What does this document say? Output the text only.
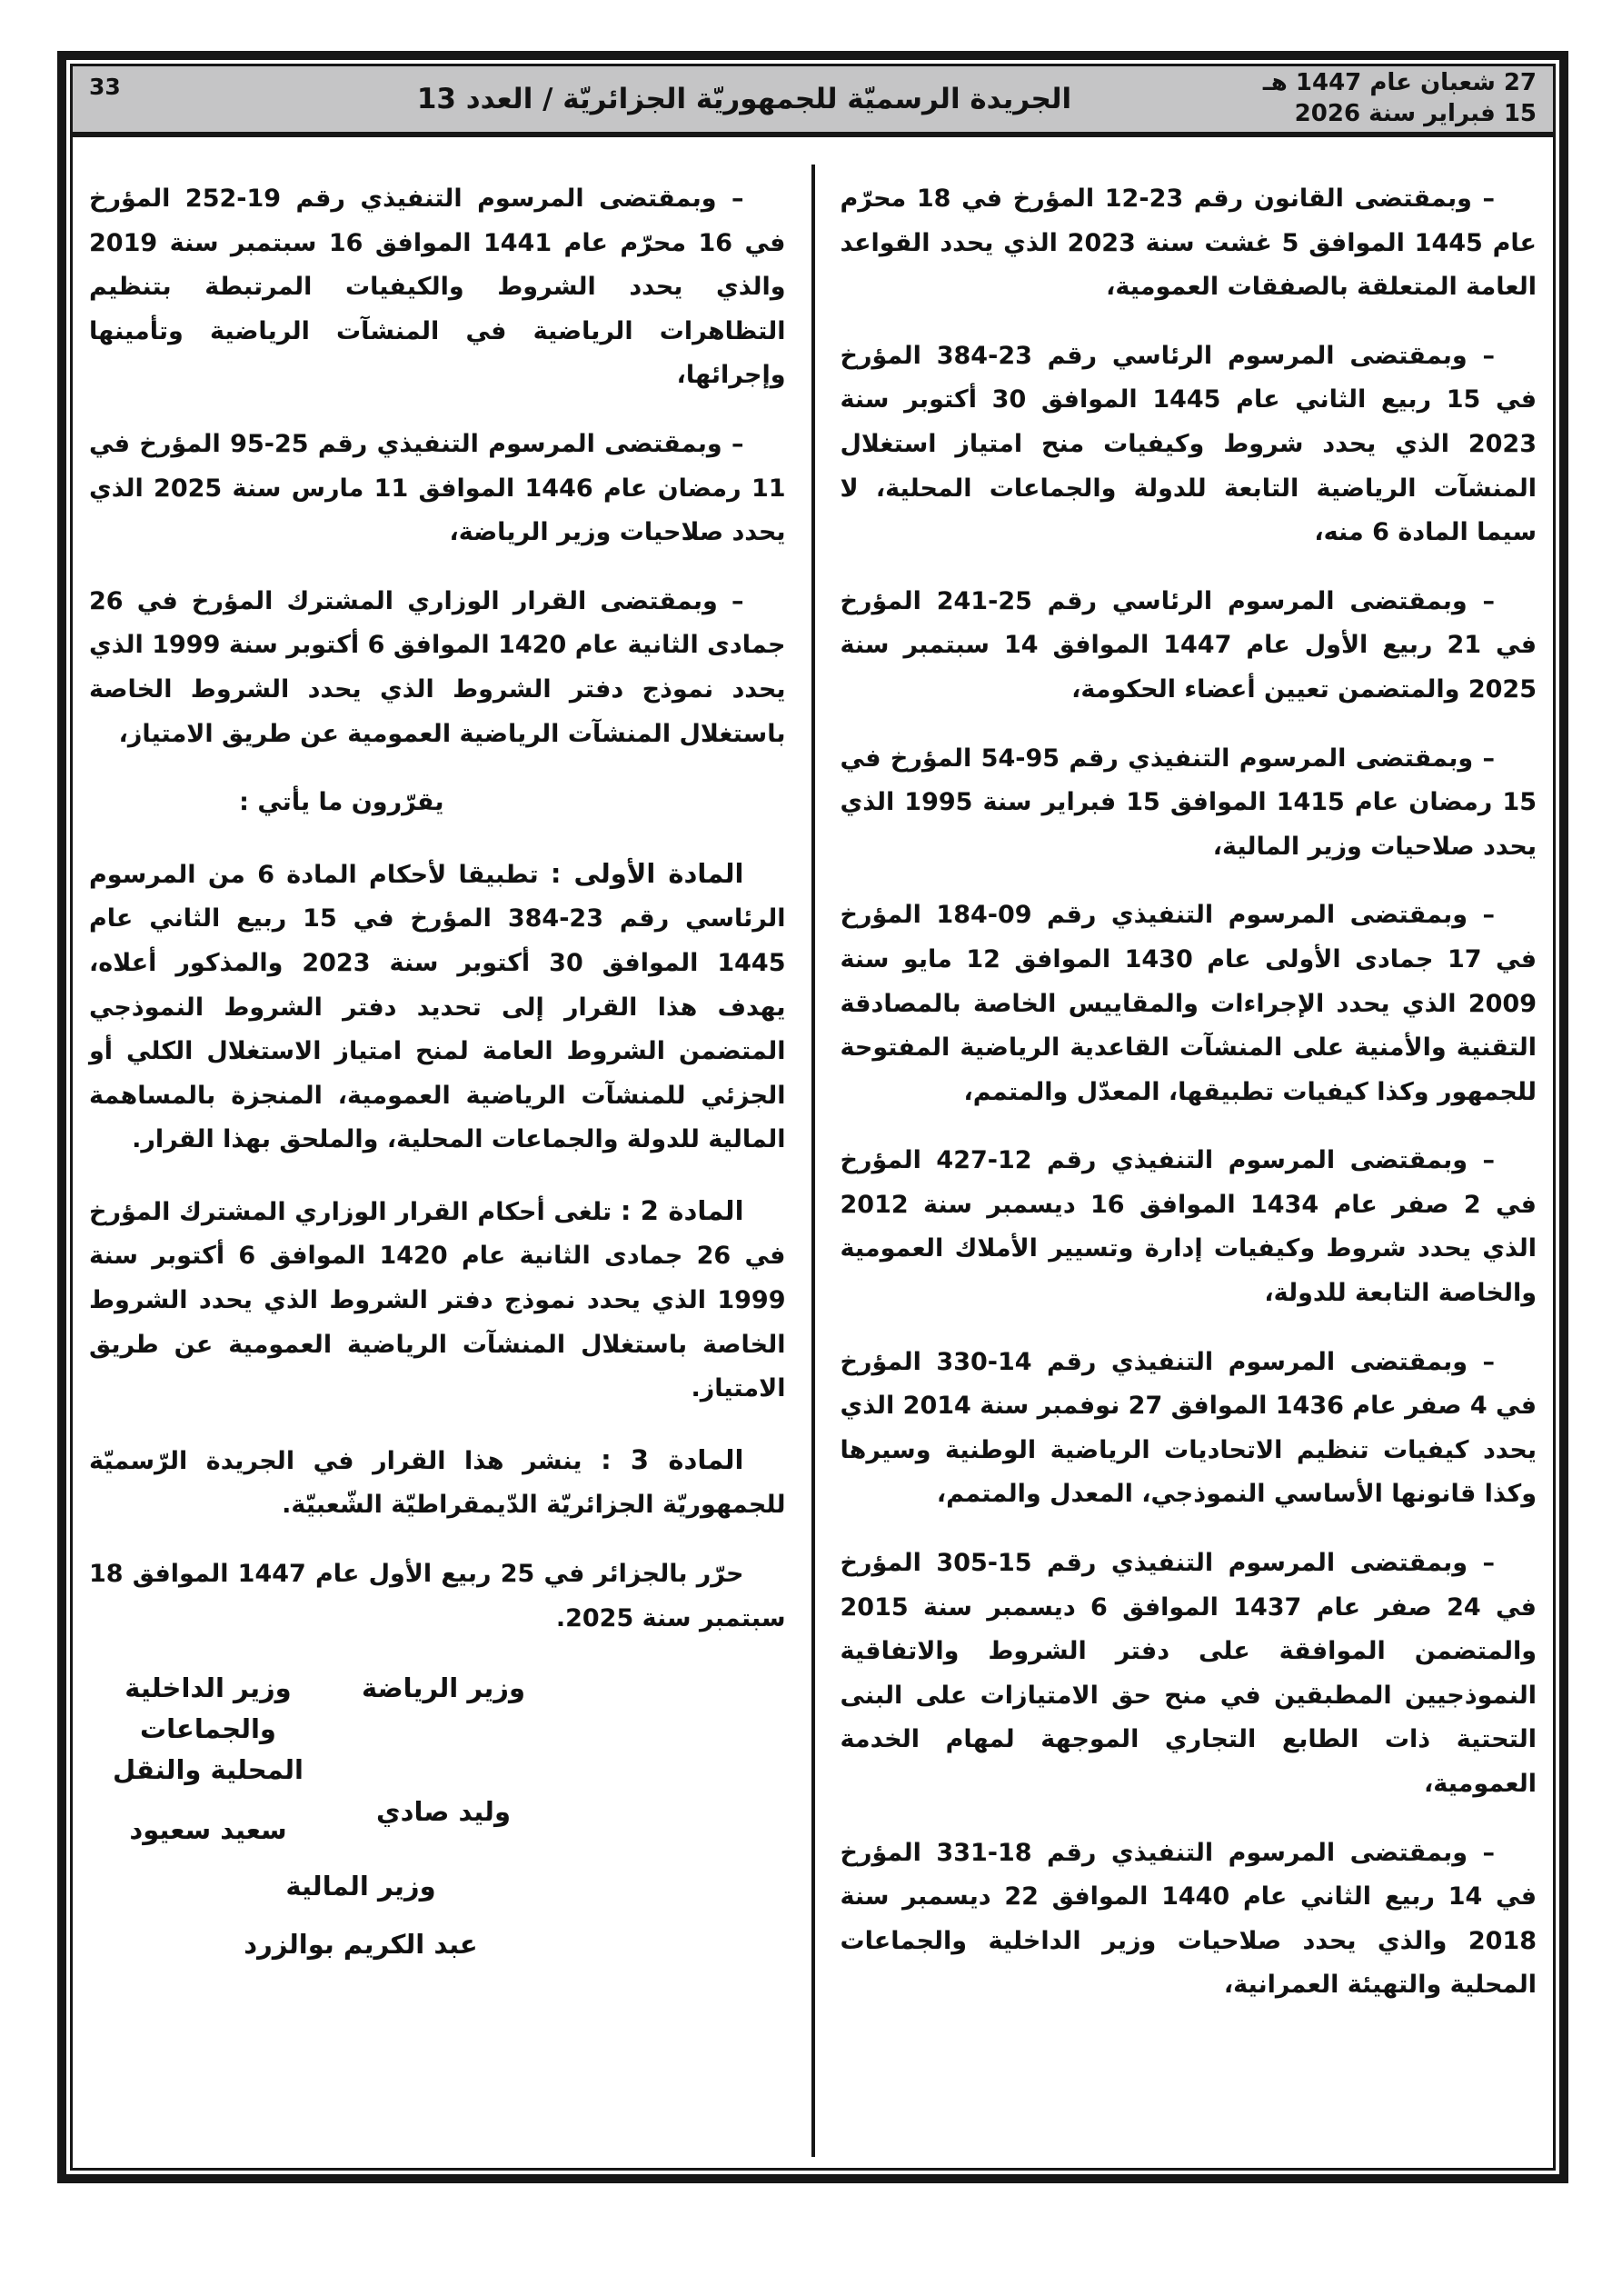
27 شعبان عام 1447 هـ
15 فبراير سنة 2026
الجريدة الرسميّة للجمهوريّة الجزائريّة / العدد 13
33

– وبمقتضى القانون رقم 23‏-12 المؤرخ في 18 محرّم عام 1445 الموافق 5 غشت سنة 2023 الذي يحدد القواعد العامة المتعلقة بالصفقات العمومية،

– وبمقتضى المرسوم الرئاسي رقم 23‏-384 المؤرخ في 15 ربيع الثاني عام 1445 الموافق 30 أكتوبر سنة 2023 الذي يحدد شروط وكيفيات منح امتياز استغلال المنشآت الرياضية التابعة للدولة والجماعات المحلية، لا سيما المادة 6 منه،

– وبمقتضى المرسوم الرئاسي رقم 25‏-241 المؤرخ في 21 ربيع الأول عام 1447 الموافق 14 سبتمبر سنة 2025 والمتضمن تعيين أعضاء الحكومة،

– وبمقتضى المرسوم التنفيذي رقم 95‏-54 المؤرخ في 15 رمضان عام 1415 الموافق 15 فبراير سنة 1995 الذي يحدد صلاحيات وزير المالية،

– وبمقتضى المرسوم التنفيذي رقم 09‏-184 المؤرخ في 17 جمادى الأولى عام 1430 الموافق 12 مايو سنة 2009 الذي يحدد الإجراءات والمقاييس الخاصة بالمصادقة التقنية والأمنية على المنشآت القاعدية الرياضية المفتوحة للجمهور وكذا كيفيات تطبيقها، المعدّل والمتمم،

– وبمقتضى المرسوم التنفيذي رقم 12‏-427 المؤرخ في 2 صفر عام 1434 الموافق 16 ديسمبر سنة 2012 الذي يحدد شروط وكيفيات إدارة وتسيير الأملاك العمومية والخاصة التابعة للدولة،

– وبمقتضى المرسوم التنفيذي رقم 14‏-330 المؤرخ في 4 صفر عام 1436 الموافق 27 نوفمبر سنة 2014 الذي يحدد كيفيات تنظيم الاتحاديات الرياضية الوطنية وسيرها وكذا قانونها الأساسي النموذجي، المعدل والمتمم،

– وبمقتضى المرسوم التنفيذي رقم 15‏-305 المؤرخ في 24 صفر عام 1437 الموافق 6 ديسمبر سنة 2015 والمتضمن الموافقة على دفتر الشروط والاتفاقية النموذجيين المطبقين في منح حق الامتيازات على البنى التحتية ذات الطابع التجاري الموجهة لمهام الخدمة العمومية،

– وبمقتضى المرسوم التنفيذي رقم 18‏-331 المؤرخ في 14 ربيع الثاني عام 1440 الموافق 22 ديسمبر سنة 2018 والذي يحدد صلاحيات وزير الداخلية والجماعات المحلية والتهيئة العمرانية،

– وبمقتضى المرسوم التنفيذي رقم 19‏-252 المؤرخ في 16 محرّم عام 1441 الموافق 16 سبتمبر سنة 2019 والذي يحدد الشروط والكيفيات المرتبطة بتنظيم التظاهرات الرياضية في المنشآت الرياضية وتأمينها وإجرائها،

– وبمقتضى المرسوم التنفيذي رقم 25‏-95 المؤرخ في 11 رمضان عام 1446 الموافق 11 مارس سنة 2025 الذي يحدد صلاحيات وزير الرياضة،

– وبمقتضى القرار الوزاري المشترك المؤرخ في 26 جمادى الثانية عام 1420 الموافق 6 أكتوبر سنة 1999 الذي يحدد نموذج دفتر الشروط الذي يحدد الشروط الخاصة باستغلال المنشآت الرياضية العمومية عن طريق الامتياز،

يقرّرون ما يأتي :

المادة الأولى : تطبيقا لأحكام المادة 6 من المرسوم الرئاسي رقم 23‏-384 المؤرخ في 15 ربيع الثاني عام 1445 الموافق 30 أكتوبر سنة 2023 والمذكور أعلاه، يهدف هذا القرار إلى تحديد دفتر الشروط النموذجي المتضمن الشروط العامة لمنح امتياز الاستغلال الكلي أو الجزئي للمنشآت الرياضية العمومية، المنجزة بالمساهمة المالية للدولة والجماعات المحلية، والملحق بهذا القرار.

المادة 2 : تلغى أحكام القرار الوزاري المشترك المؤرخ في 26 جمادى الثانية عام 1420 الموافق 6 أكتوبر سنة 1999 الذي يحدد نموذج دفتر الشروط الذي يحدد الشروط الخاصة باستغلال المنشآت الرياضية العمومية عن طريق الامتياز.

المادة 3 : ينشر هذا القرار في الجريدة الرّسميّة للجمهوريّة الجزائريّة الدّيمقراطيّة الشّعبيّة.

حرّر بالجزائر في 25 ربيع الأول عام 1447 الموافق 18 سبتمبر سنة 2025.

وزير الرياضة
وليد صادي
وزير الداخلية والجماعات المحلية والنقل
سعيد سعيود
وزير المالية
عبد الكريم بوالزرد
